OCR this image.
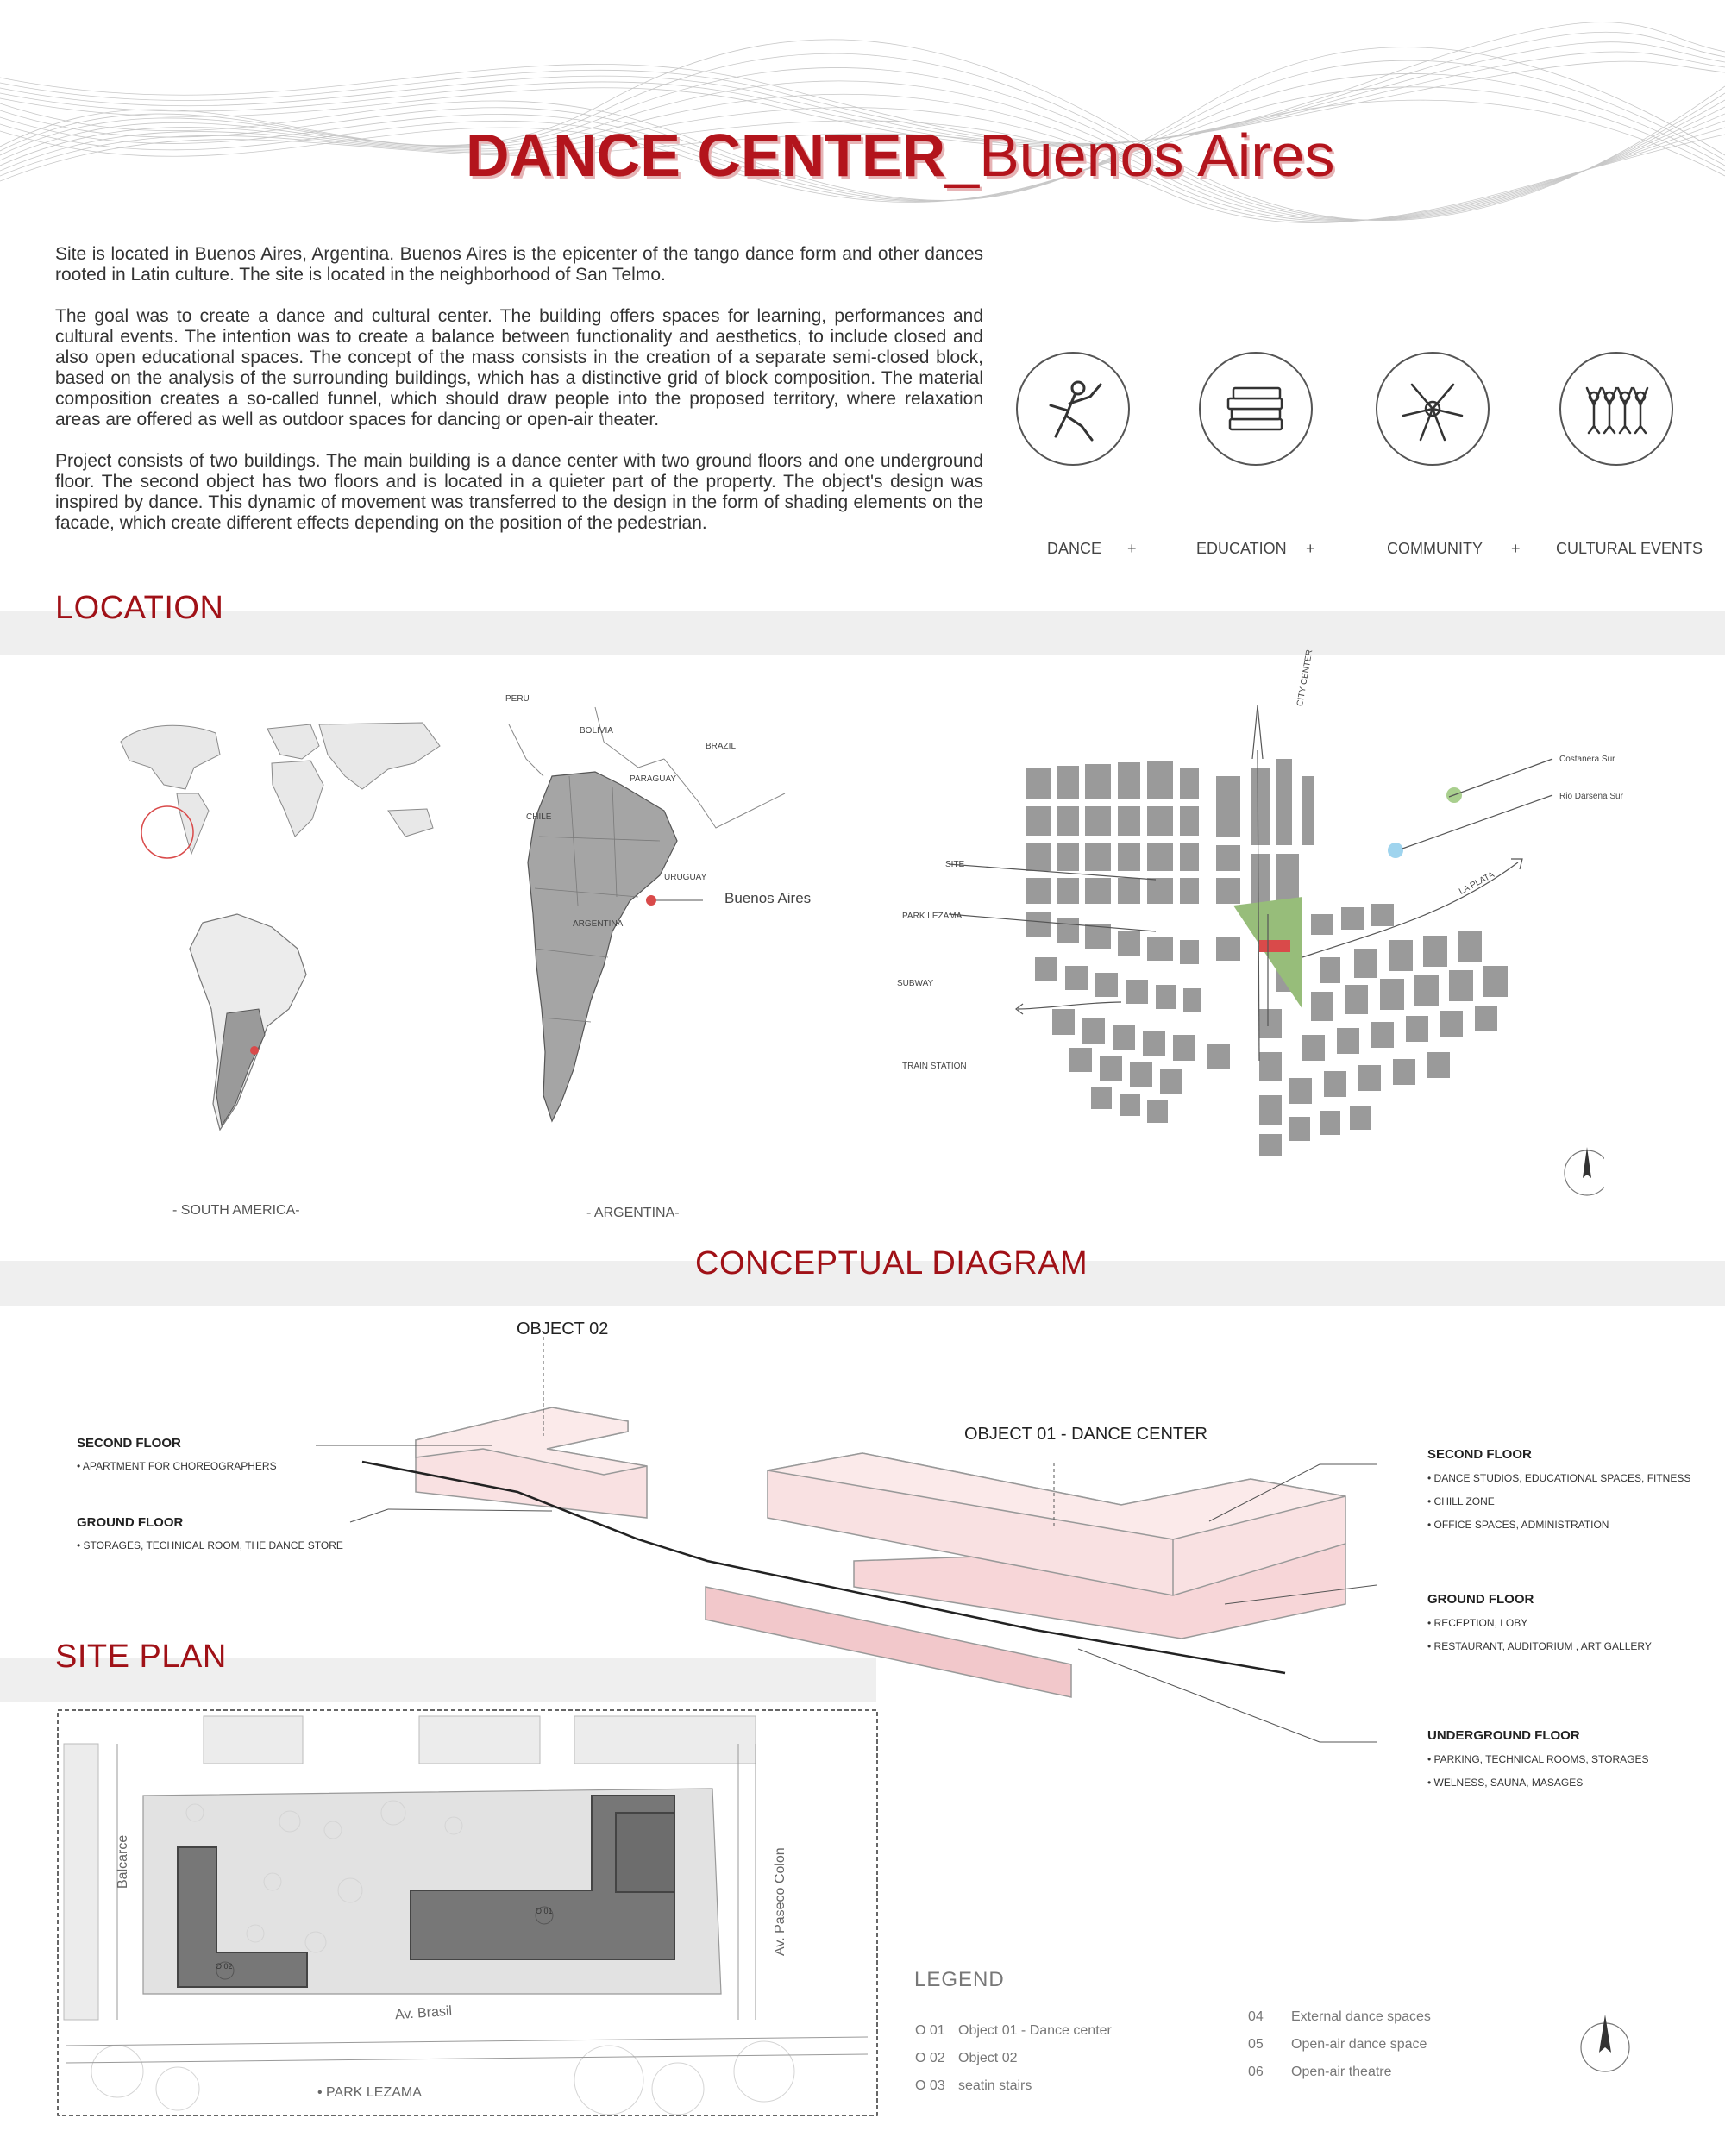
DANCE CENTER_Buenos Aires

Site is located in Buenos Aires, Argentina. Buenos Aires is the epicenter of the tango dance form and other dances rooted in Latin culture. The site is located in the neighborhood of San Telmo.

The goal was to create a dance and cultural center. The building offers spaces for learning, performances and cultural events. The intention was to create a balance between functionality and aesthetics, to include closed and also open educational spaces. The concept of the mass consists in the creation of a separate semi-closed block, based on the analysis of the surrounding buildings, which has a distinctive grid of block composition. The material composition creates a so-called funnel, which should draw people into the proposed territory, where relaxation areas are offered as well as outdoor spaces for dancing or open-air theater.

Project consists of two buildings. The main building is a dance center with two ground floors and one underground floor. The second object has two floors and is located in a quieter part of the property. The object's design was inspired by dance. This dynamic of movement was transferred to the design in the form of shading elements on the facade, which create different effects depending on the position of the pedestrian.

DANCE +	EDUCATION +	COMMUNITY + CULTURAL EVENTS
LOCATION
- SOUTH AMERICA-
PERU
BOLIVIA
BRAZIL
PARAGUAY
CHILE
URUGUAY
ARGENTINA
Buenos Aires
- ARGENTINA-
CITY CENTER
Costanera Sur
Rio Darsena Sur
LA PLATA
SITE
PARK LEZAMA
SUBWAY
TRAIN STATION
CONCEPTUAL DIAGRAM
OBJECT 02
OBJECT 01 - DANCE CENTER
SECOND FLOOR
• APARTMENT FOR CHOREOGRAPHERS
GROUND FLOOR
• STORAGES, TECHNICAL ROOM, THE DANCE STORE
SECOND FLOOR
• DANCE STUDIOS, EDUCATIONAL SPACES, FITNESS
• CHILL ZONE
• OFFICE SPACES, ADMINISTRATION
GROUND FLOOR
• RECEPTION, LOBY
• RESTAURANT, AUDITORIUM , ART GALLERY
UNDERGROUND FLOOR
• PARKING, TECHNICAL ROOMS, STORAGES
• WELNESS, SAUNA, MASAGES
SITE PLAN
O 02
O 01
Balcarce	Av. Paseco Colon
Av. Brasil
• PARK LEZAMA
LEGEND
O 01 Object 01 - Dance center
O 02 Object 02
O 03 seatin stairs
04 External dance spaces
05 Open-air dance space
06 Open-air theatre
